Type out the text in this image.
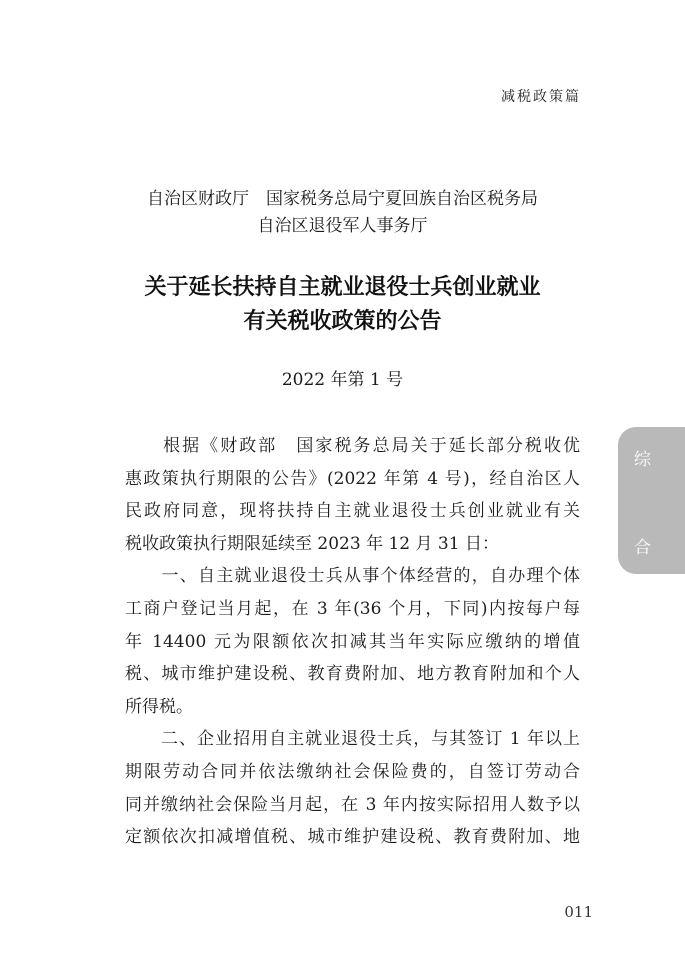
减税政策篇
自治区财政厅　国家税务总局宁夏回族自治区税务局
自治区退役军人事务厅
关于延长扶持自主就业退役士兵创业就业
有关税收政策的公告
2022 年第 1 号
　　根据《财政部　国家税务总局关于延长部分税收优
惠政策执行期限的公告》(2022 年第 4 号)，经自治区人
民政府同意，现将扶持自主就业退役士兵创业就业有关
税收政策执行期限延续至 2023 年 12 月 31 日：
　　一、自主就业退役士兵从事个体经营的，自办理个体
工商户登记当月起，在 3 年(36 个月，下同)内按每户每
年 14400 元为限额依次扣减其当年实际应缴纳的增值
税、城市维护建设税、教育费附加、地方教育附加和个人
所得税。
　　二、企业招用自主就业退役士兵，与其签订 1 年以上
期限劳动合同并依法缴纳社会保险费的，自签订劳动合
同并缴纳社会保险当月起，在 3 年内按实际招用人数予以
定额依次扣减增值税、城市维护建设税、教育费附加、地
综
合
011
